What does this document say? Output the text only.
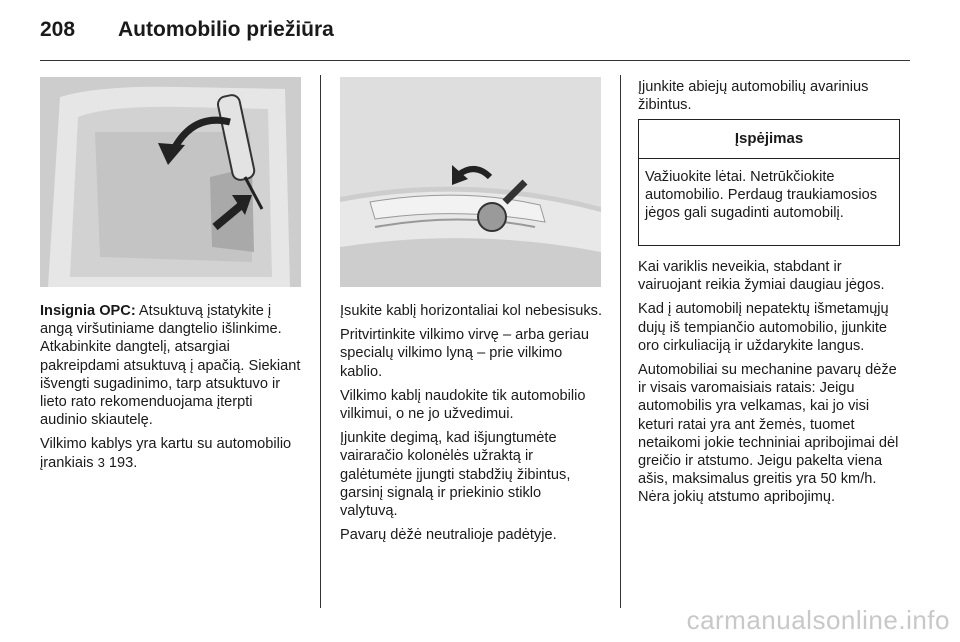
208 Automobilio priežiūra

Insignia OPC: Atsuktuvą įstatykite į angą viršutiniame dangtelio išlinkime. Atkabinkite dangtelį, atsargiai pakreipdami atsuktuvą į apačią. Siekiant išvengti sugadinimo, tarp atsuktuvo ir lieto rato rekomenduojama įterpti audinio skiautelę.

Vilkimo kablys yra kartu su automobilio įrankiais 3 193.

Įsukite kablį horizontaliai kol nebesisuks.

Pritvirtinkite vilkimo virvę – arba geriau specialų vilkimo lyną – prie vilkimo kablio.

Vilkimo kablį naudokite tik automobilio vilkimui, o ne jo užvedimui.

Įjunkite degimą, kad išjungtumėte vairaračio kolonėlės užraktą ir galėtumėte įjungti stabdžių žibintus, garsinį signalą ir priekinio stiklo valytuvą.

Pavarų dėžė neutralioje padėtyje.

Įjunkite abiejų automobilių avarinius žibintus.

Įspėjimas
Važiuokite lėtai. Netrūkčiokite automobilio. Perdaug traukiamosios jėgos gali sugadinti automobilį.

Kai variklis neveikia, stabdant ir vairuojant reikia žymiai daugiau jėgos.

Kad į automobilį nepatektų išmetamųjų dujų iš tempiančio automobilio, įjunkite oro cirkuliaciją ir uždarykite langus.

Automobiliai su mechanine pavarų dėže ir visais varomaisiais ratais: Jeigu automobilis yra velkamas, kai jo visi keturi ratai yra ant žemės, tuomet netaikomi jokie techniniai apribojimai dėl greičio ir atstumo. Jeigu pakelta viena ašis, maksimalus greitis yra 50 km/h. Nėra jokių atstumo apribojimų.

carmanualsonline.info
